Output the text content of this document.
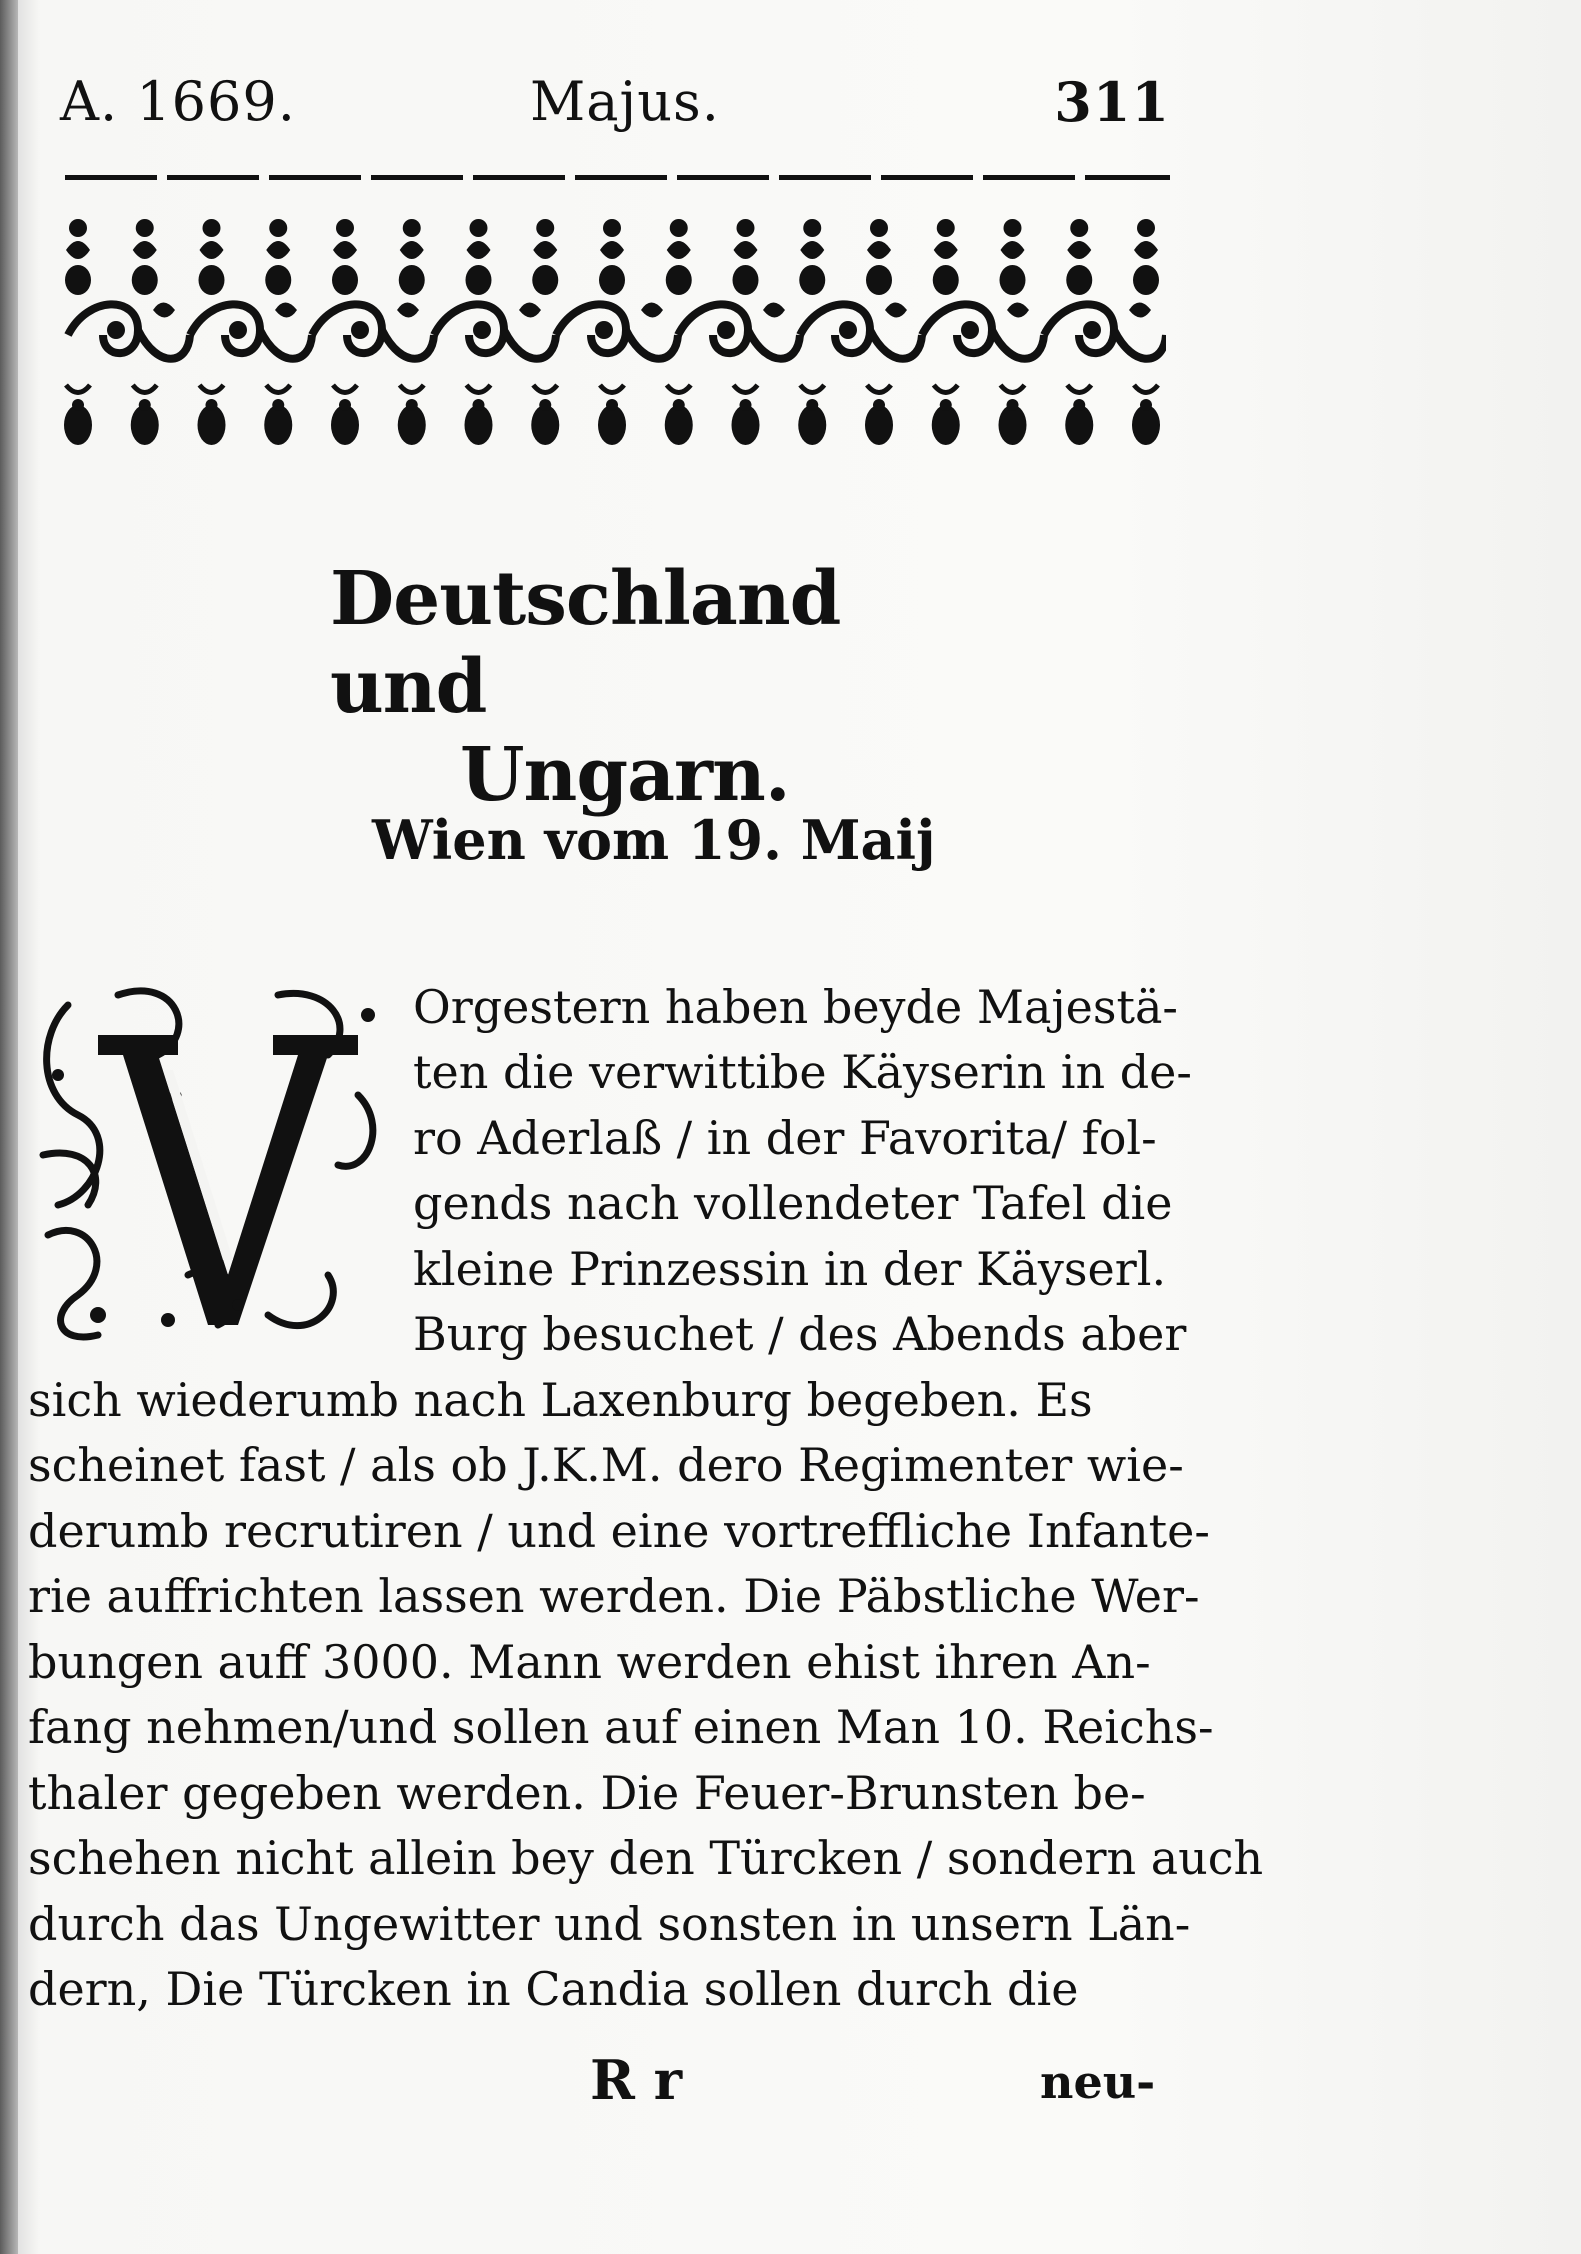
A. 1669.	Majus.	311
Deutschland und
Ungarn.
Wien vom 19. Maij
Orgestern haben beyde Majestä-
ten die verwittibe Käyserin in de-
ro Aderlaß / in der Favorita/ fol-
gends nach vollendeter Tafel die
kleine Prinzessin in der Käyserl.
Burg besuchet / des Abends aber
sich wiederumb nach Laxenburg begeben. Es
scheinet fast / als ob J.K.M. dero Regimenter wie-
derumb recrutiren / und eine vortreffliche Infante-
rie auffrichten lassen werden. Die Päbstliche Wer-
bungen auff 3000. Mann werden ehist ihren An-
fang nehmen/und sollen auf einen Man 10. Reichs-
thaler gegeben werden. Die Feuer-Brunsten be-
schehen nicht allein bey den Türcken / sondern auch
durch das Ungewitter und sonsten in unsern Län-
dern, Die Türcken in Candia sollen durch die
R r	neu-
